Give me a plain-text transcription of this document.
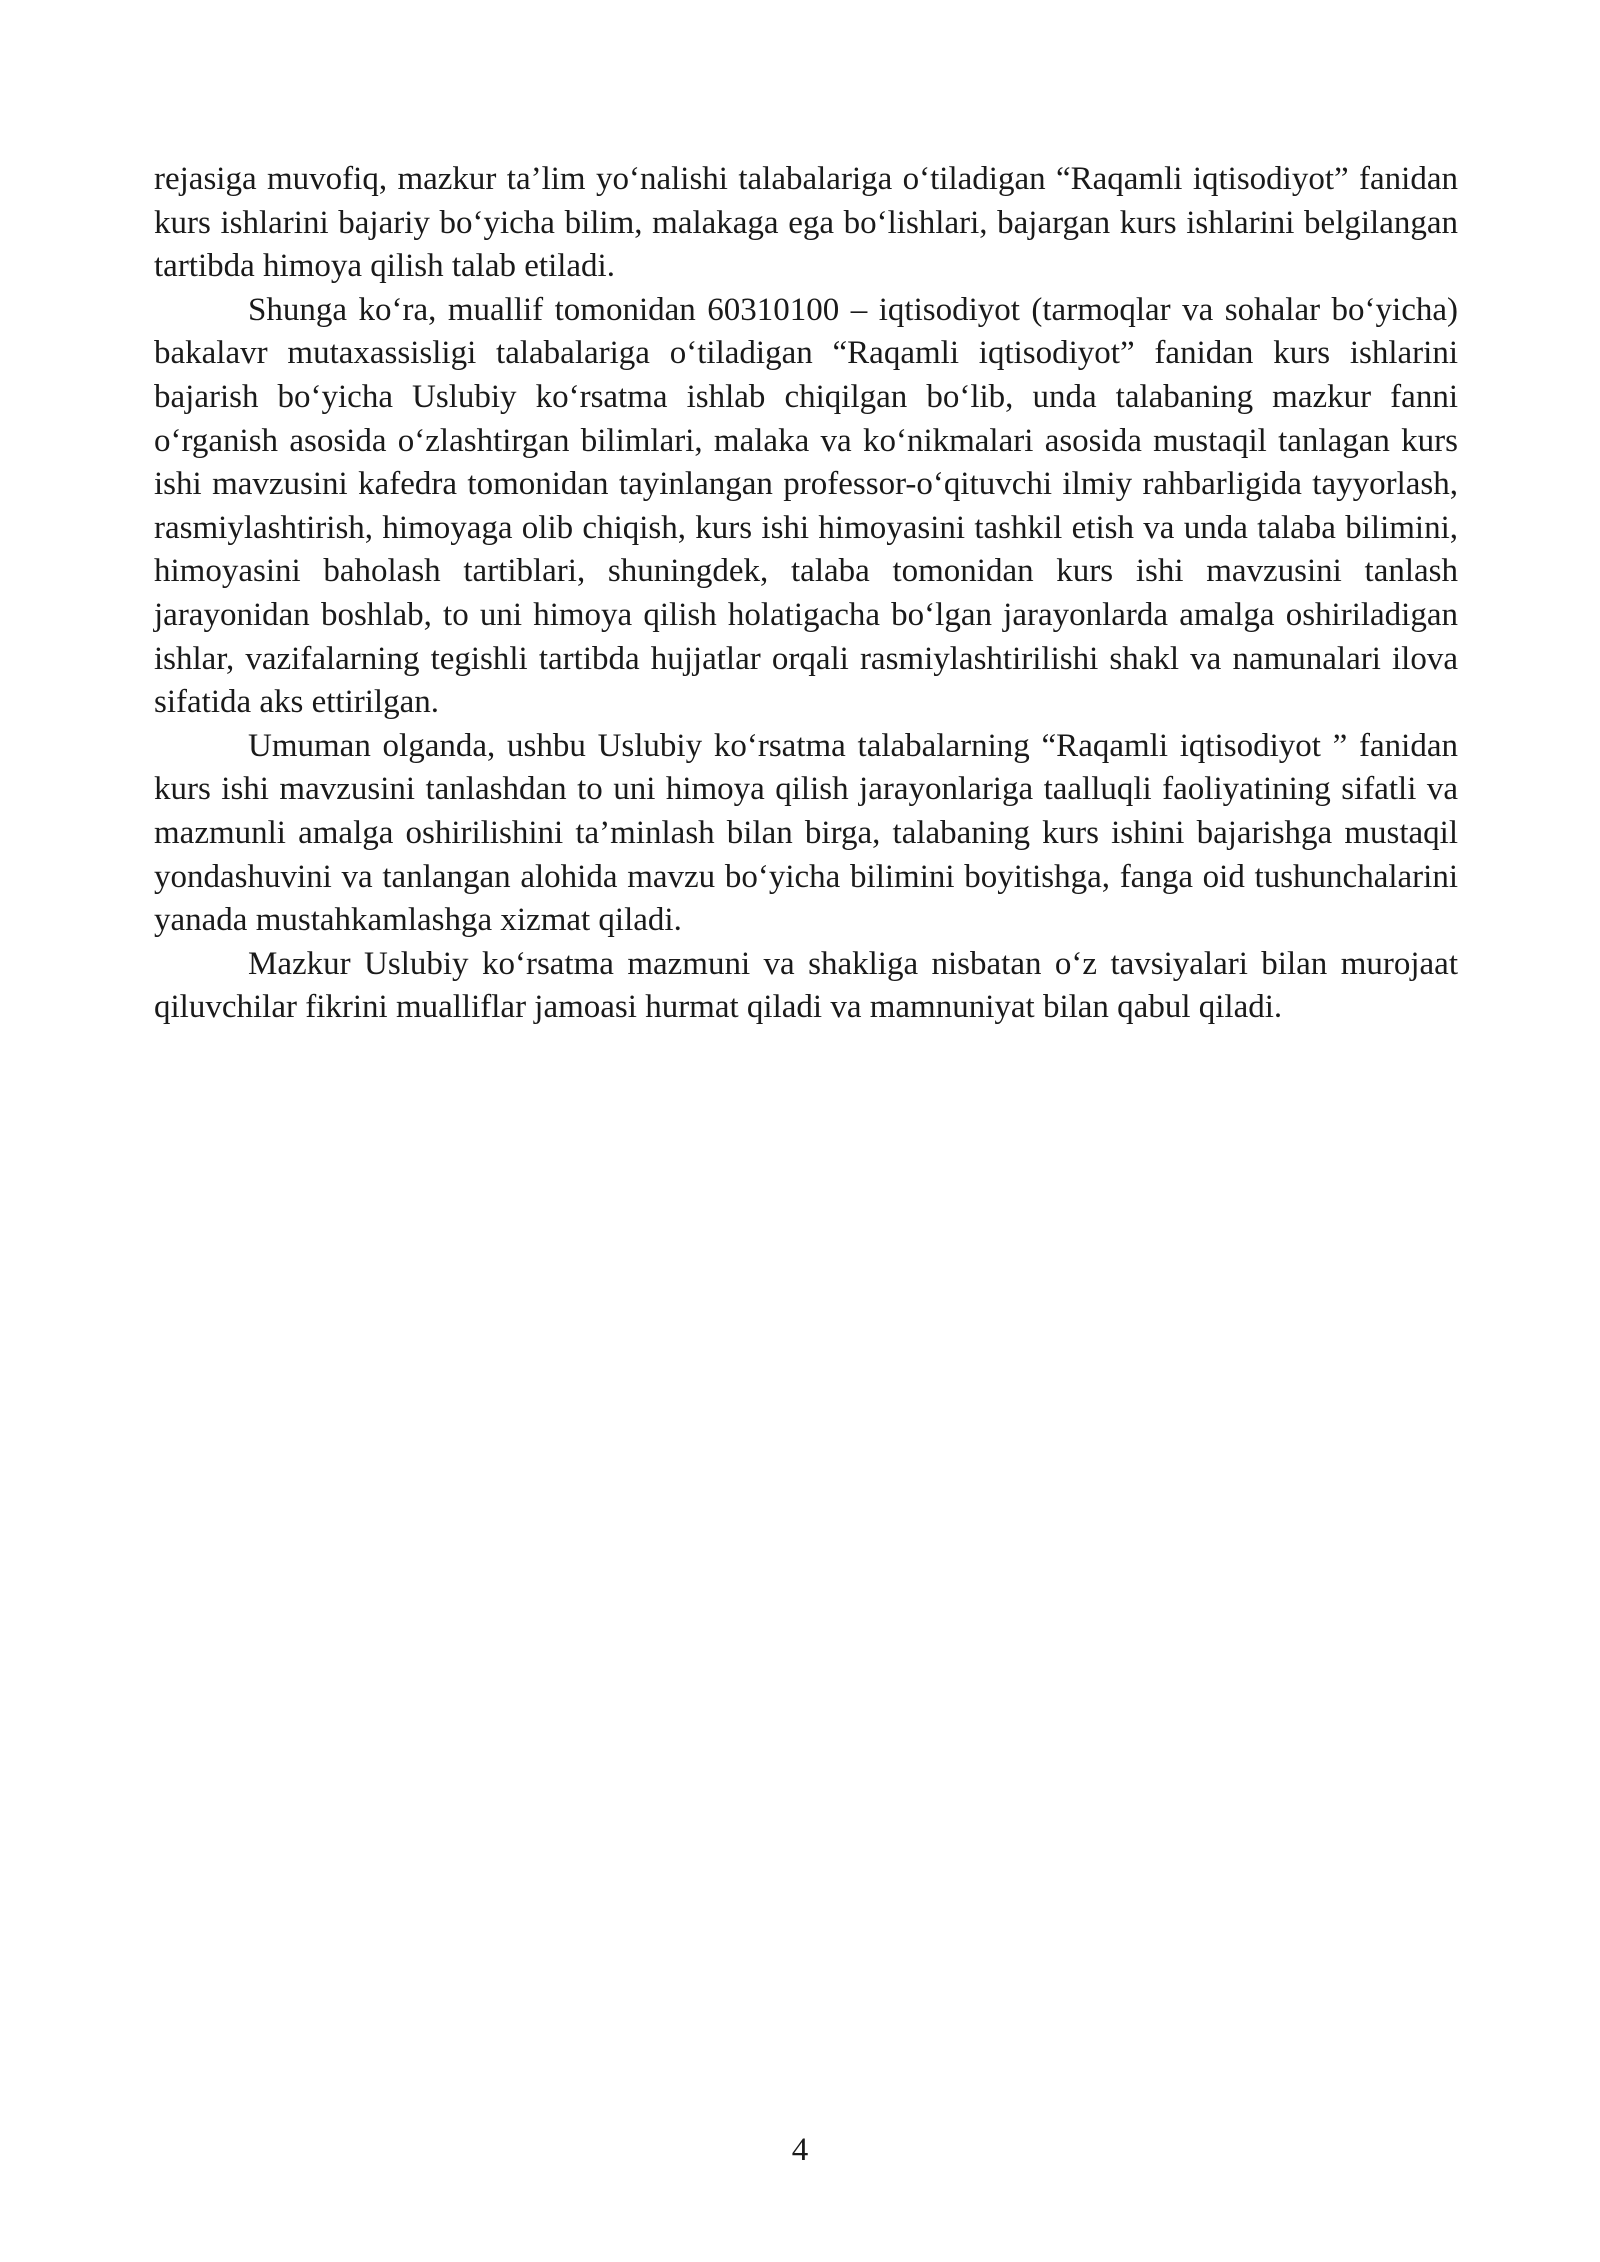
rejasiga muvofiq, mazkur ta’lim yo‘nalishi talabalariga o‘tiladigan “Raqamli iqtisodiyot” fanidan kurs ishlarini bajariy bo‘yicha bilim, malakaga ega bo‘lishlari, bajargan kurs ishlarini belgilangan tartibda himoya qilish talab etiladi.

Shunga ko‘ra, muallif tomonidan 60310100 – iqtisodiyot (tarmoqlar va sohalar bo‘yicha) bakalavr mutaxassisligi talabalariga o‘tiladigan “Raqamli iqtisodiyot” fanidan kurs ishlarini bajarish bo‘yicha Uslubiy ko‘rsatma ishlab chiqilgan bo‘lib, unda talabaning mazkur fanni o‘rganish asosida o‘zlashtirgan bilimlari, malaka va ko‘nikmalari asosida mustaqil tanlagan kurs ishi mavzusini kafedra tomonidan tayinlangan professor-o‘qituvchi ilmiy rahbarligida tayyorlash, rasmiylashtirish, himoyaga olib chiqish, kurs ishi himoyasini tashkil etish va unda talaba bilimini, himoyasini baholash tartiblari, shuningdek, talaba tomonidan kurs ishi mavzusini tanlash jarayonidan boshlab, to uni himoya qilish holatigacha bo‘lgan jarayonlarda amalga oshiriladigan ishlar, vazifalarning tegishli tartibda hujjatlar orqali rasmiylashtirilishi shakl va namunalari ilova sifatida aks ettirilgan.

Umuman olganda, ushbu Uslubiy ko‘rsatma talabalarning “Raqamli iqtisodiyot ” fanidan kurs ishi mavzusini tanlashdan to uni himoya qilish jarayonlariga taalluqli faoliyatining sifatli va mazmunli amalga oshirilishini ta’minlash bilan birga, talabaning kurs ishini bajarishga mustaqil yondashuvini va tanlangan alohida mavzu bo‘yicha bilimini boyitishga, fanga oid tushunchalarini yanada mustahkamlashga xizmat qiladi.

Mazkur Uslubiy ko‘rsatma mazmuni va shakliga nisbatan o‘z tavsiyalari bilan murojaat qiluvchilar fikrini mualliflar jamoasi hurmat qiladi va mamnuniyat bilan qabul qiladi.

4
